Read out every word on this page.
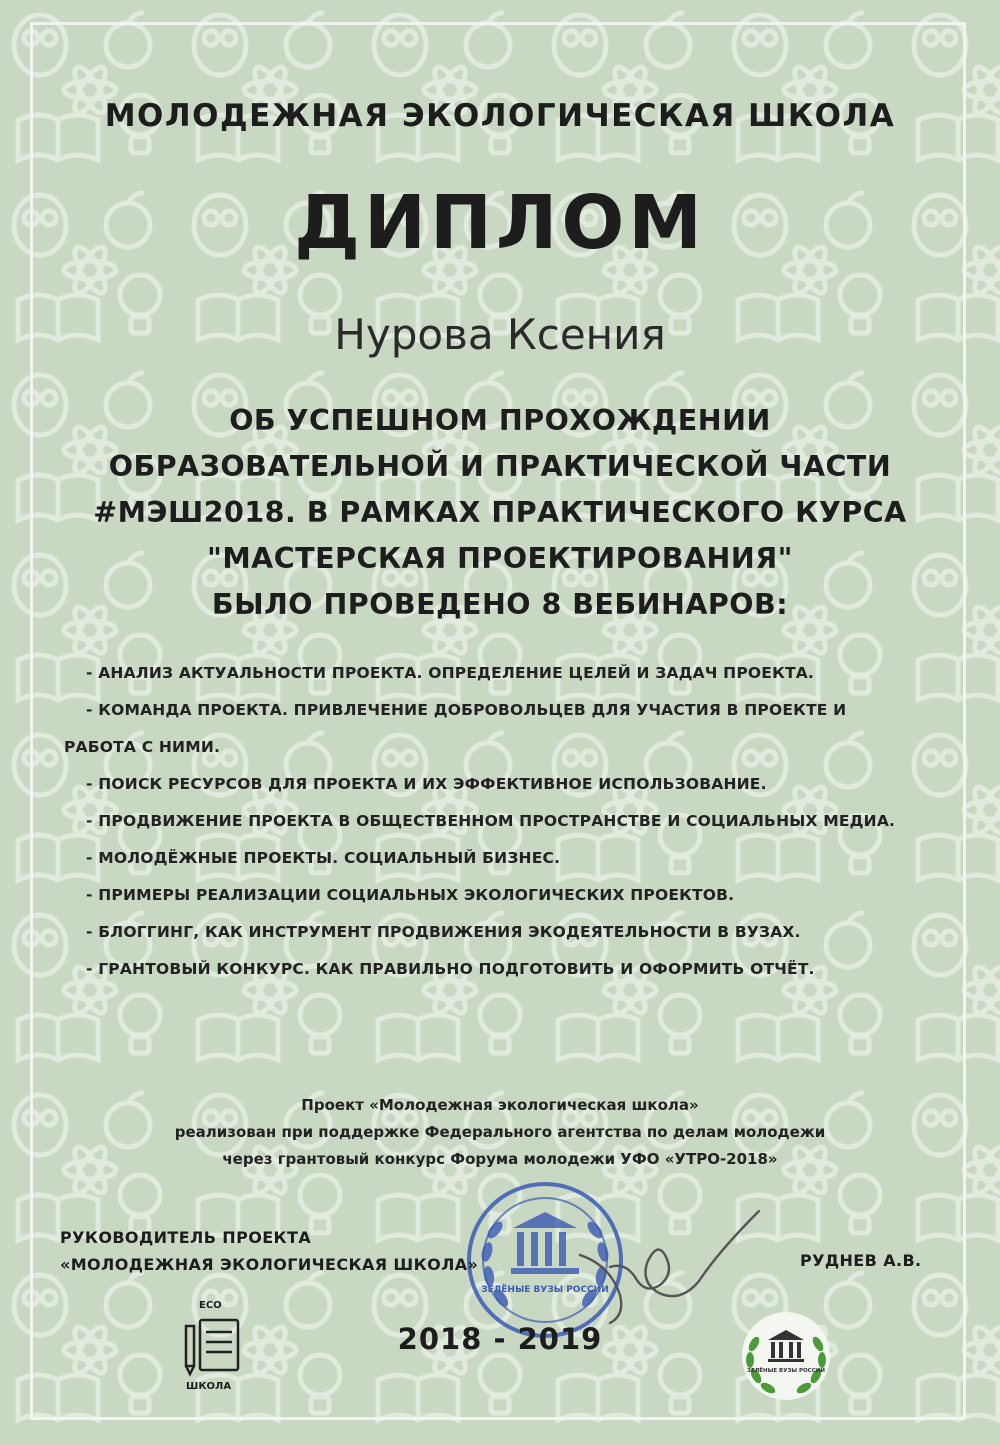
МОЛОДЕЖНАЯ ЭКОЛОГИЧЕСКАЯ ШКОЛА
ДИПЛОМ
Нурова Ксения
ОБ УСПЕШНОМ ПРОХОЖДЕНИИ
ОБРАЗОВАТЕЛЬНОЙ И ПРАКТИЧЕСКОЙ ЧАСТИ
#МЭШ2018. В РАМКАХ ПРАКТИЧЕСКОГО КУРСА
"МАСТЕРСКАЯ ПРОЕКТИРОВАНИЯ"
БЫЛО ПРОВЕДЕНО 8 ВЕБИНАРОВ:
- АНАЛИЗ АКТУАЛЬНОСТИ ПРОЕКТА. ОПРЕДЕЛЕНИЕ ЦЕЛЕЙ И ЗАДАЧ ПРОЕКТА.
- КОМАНДА ПРОЕКТА. ПРИВЛЕЧЕНИЕ ДОБРОВОЛЬЦЕВ ДЛЯ УЧАСТИЯ В ПРОЕКТЕ И
РАБОТА С НИМИ.
- ПОИСК РЕСУРСОВ ДЛЯ ПРОЕКТА И ИХ ЭФФЕКТИВНОЕ ИСПОЛЬЗОВАНИЕ.
- ПРОДВИЖЕНИЕ ПРОЕКТА В ОБЩЕСТВЕННОМ ПРОСТРАНСТВЕ И СОЦИАЛЬНЫХ МЕДИА.
- МОЛОДЁЖНЫЕ ПРОЕКТЫ. СОЦИАЛЬНЫЙ БИЗНЕС.
- ПРИМЕРЫ РЕАЛИЗАЦИИ СОЦИАЛЬНЫХ ЭКОЛОГИЧЕСКИХ ПРОЕКТОВ.
- БЛОГГИНГ, КАК ИНСТРУМЕНТ ПРОДВИЖЕНИЯ ЭКОДЕЯТЕЛЬНОСТИ В ВУЗАХ.
- ГРАНТОВЫЙ КОНКУРС. КАК ПРАВИЛЬНО ПОДГОТОВИТЬ И ОФОРМИТЬ ОТЧЁТ.
Проект «Молодежная экологическая школа»
реализован при поддержке Федерального агентства по делам молодежи
через грантовый конкурс Форума молодежи УФО «УТРО-2018»
ЗЕЛЁНЫЕ ВУЗЫ РОССИИ
РУКОВОДИТЕЛЬ ПРОЕКТА
«МОЛОДЕЖНАЯ ЭКОЛОГИЧЕСКАЯ ШКОЛА»	РУДНЕВ А.В.
ECO
ШКОЛА
2018 - 2019
ЗЕЛЁНЫЕ ВУЗЫ РОССИИ
